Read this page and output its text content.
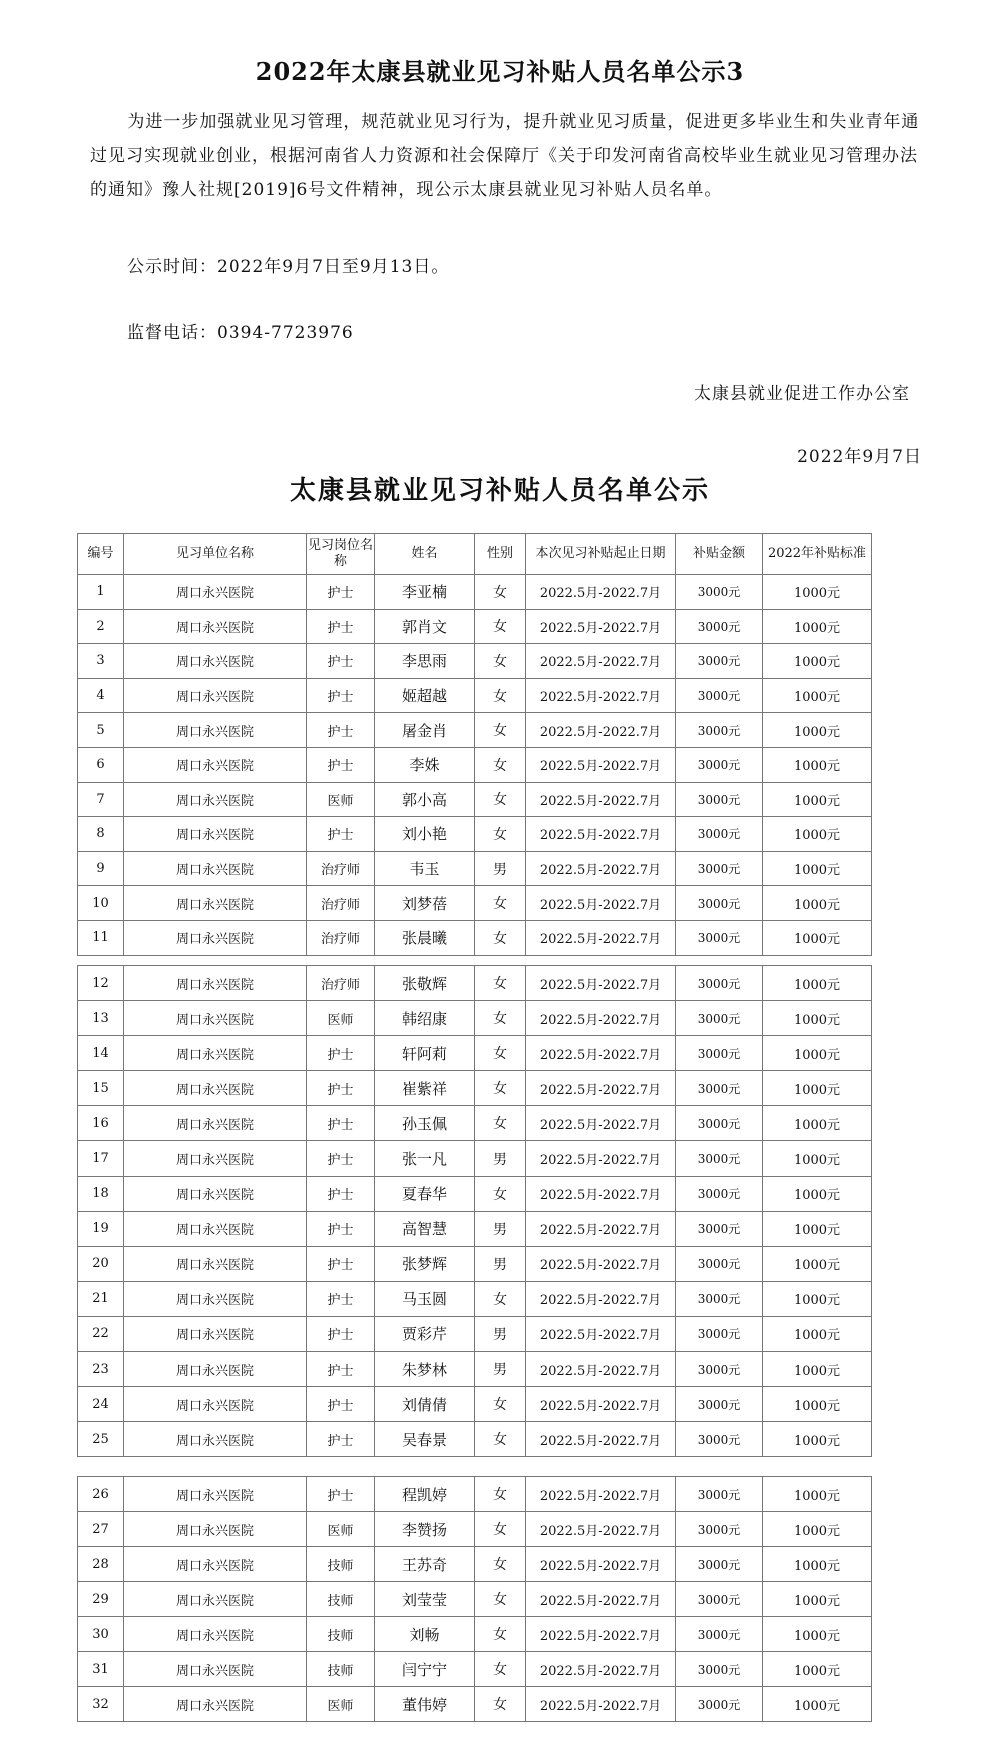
2022年太康县就业见习补贴人员名单公示3

为进一步加强就业见习管理，规范就业见习行为，提升就业见习质量，促进更多毕业生和失业青年通过见习实现就业创业，根据河南省人力资源和社会保障厅《关于印发河南省高校毕业生就业见习管理办法的通知》豫人社规[2019]6号文件精神，现公示太康县就业见习补贴人员名单。

公示时间：2022年9月7日至9月13日。
监督电话：0394-7723976
太康县就业促进工作办公室
2022年9月7日
太康县就业见习补贴人员名单公示
编号	见习单位名称	见习岗位名称	姓名	性别	本次见习补贴起止日期	补贴金额	2022年补贴标准
1	周口永兴医院	护士	李亚楠	女	2022.5月-2022.7月	3000元	1000元
2	周口永兴医院	护士	郭肖文	女	2022.5月-2022.7月	3000元	1000元
3	周口永兴医院	护士	李思雨	女	2022.5月-2022.7月	3000元	1000元
4	周口永兴医院	护士	姬超越	女	2022.5月-2022.7月	3000元	1000元
5	周口永兴医院	护士	屠金肖	女	2022.5月-2022.7月	3000元	1000元
6	周口永兴医院	护士	李姝	女	2022.5月-2022.7月	3000元	1000元
7	周口永兴医院	医师	郭小高	女	2022.5月-2022.7月	3000元	1000元
8	周口永兴医院	护士	刘小艳	女	2022.5月-2022.7月	3000元	1000元
9	周口永兴医院	治疗师	韦玉	男	2022.5月-2022.7月	3000元	1000元
10	周口永兴医院	治疗师	刘梦蓓	女	2022.5月-2022.7月	3000元	1000元
11	周口永兴医院	治疗师	张晨曦	女	2022.5月-2022.7月	3000元	1000元
12	周口永兴医院	治疗师	张敬辉	女	2022.5月-2022.7月	3000元	1000元
13	周口永兴医院	医师	韩绍康	女	2022.5月-2022.7月	3000元	1000元
14	周口永兴医院	护士	轩阿莉	女	2022.5月-2022.7月	3000元	1000元
15	周口永兴医院	护士	崔紫祥	女	2022.5月-2022.7月	3000元	1000元
16	周口永兴医院	护士	孙玉佩	女	2022.5月-2022.7月	3000元	1000元
17	周口永兴医院	护士	张一凡	男	2022.5月-2022.7月	3000元	1000元
18	周口永兴医院	护士	夏春华	女	2022.5月-2022.7月	3000元	1000元
19	周口永兴医院	护士	高智慧	男	2022.5月-2022.7月	3000元	1000元
20	周口永兴医院	护士	张梦辉	男	2022.5月-2022.7月	3000元	1000元
21	周口永兴医院	护士	马玉圆	女	2022.5月-2022.7月	3000元	1000元
22	周口永兴医院	护士	贾彩芹	男	2022.5月-2022.7月	3000元	1000元
23	周口永兴医院	护士	朱梦林	男	2022.5月-2022.7月	3000元	1000元
24	周口永兴医院	护士	刘倩倩	女	2022.5月-2022.7月	3000元	1000元
25	周口永兴医院	护士	吴春景	女	2022.5月-2022.7月	3000元	1000元
26	周口永兴医院	护士	程凯婷	女	2022.5月-2022.7月	3000元	1000元
27	周口永兴医院	医师	李赞扬	女	2022.5月-2022.7月	3000元	1000元
28	周口永兴医院	技师	王苏奇	女	2022.5月-2022.7月	3000元	1000元
29	周口永兴医院	技师	刘莹莹	女	2022.5月-2022.7月	3000元	1000元
30	周口永兴医院	技师	刘畅	女	2022.5月-2022.7月	3000元	1000元
31	周口永兴医院	技师	闫宁宁	女	2022.5月-2022.7月	3000元	1000元
32	周口永兴医院	医师	董伟婷	女	2022.5月-2022.7月	3000元	1000元
